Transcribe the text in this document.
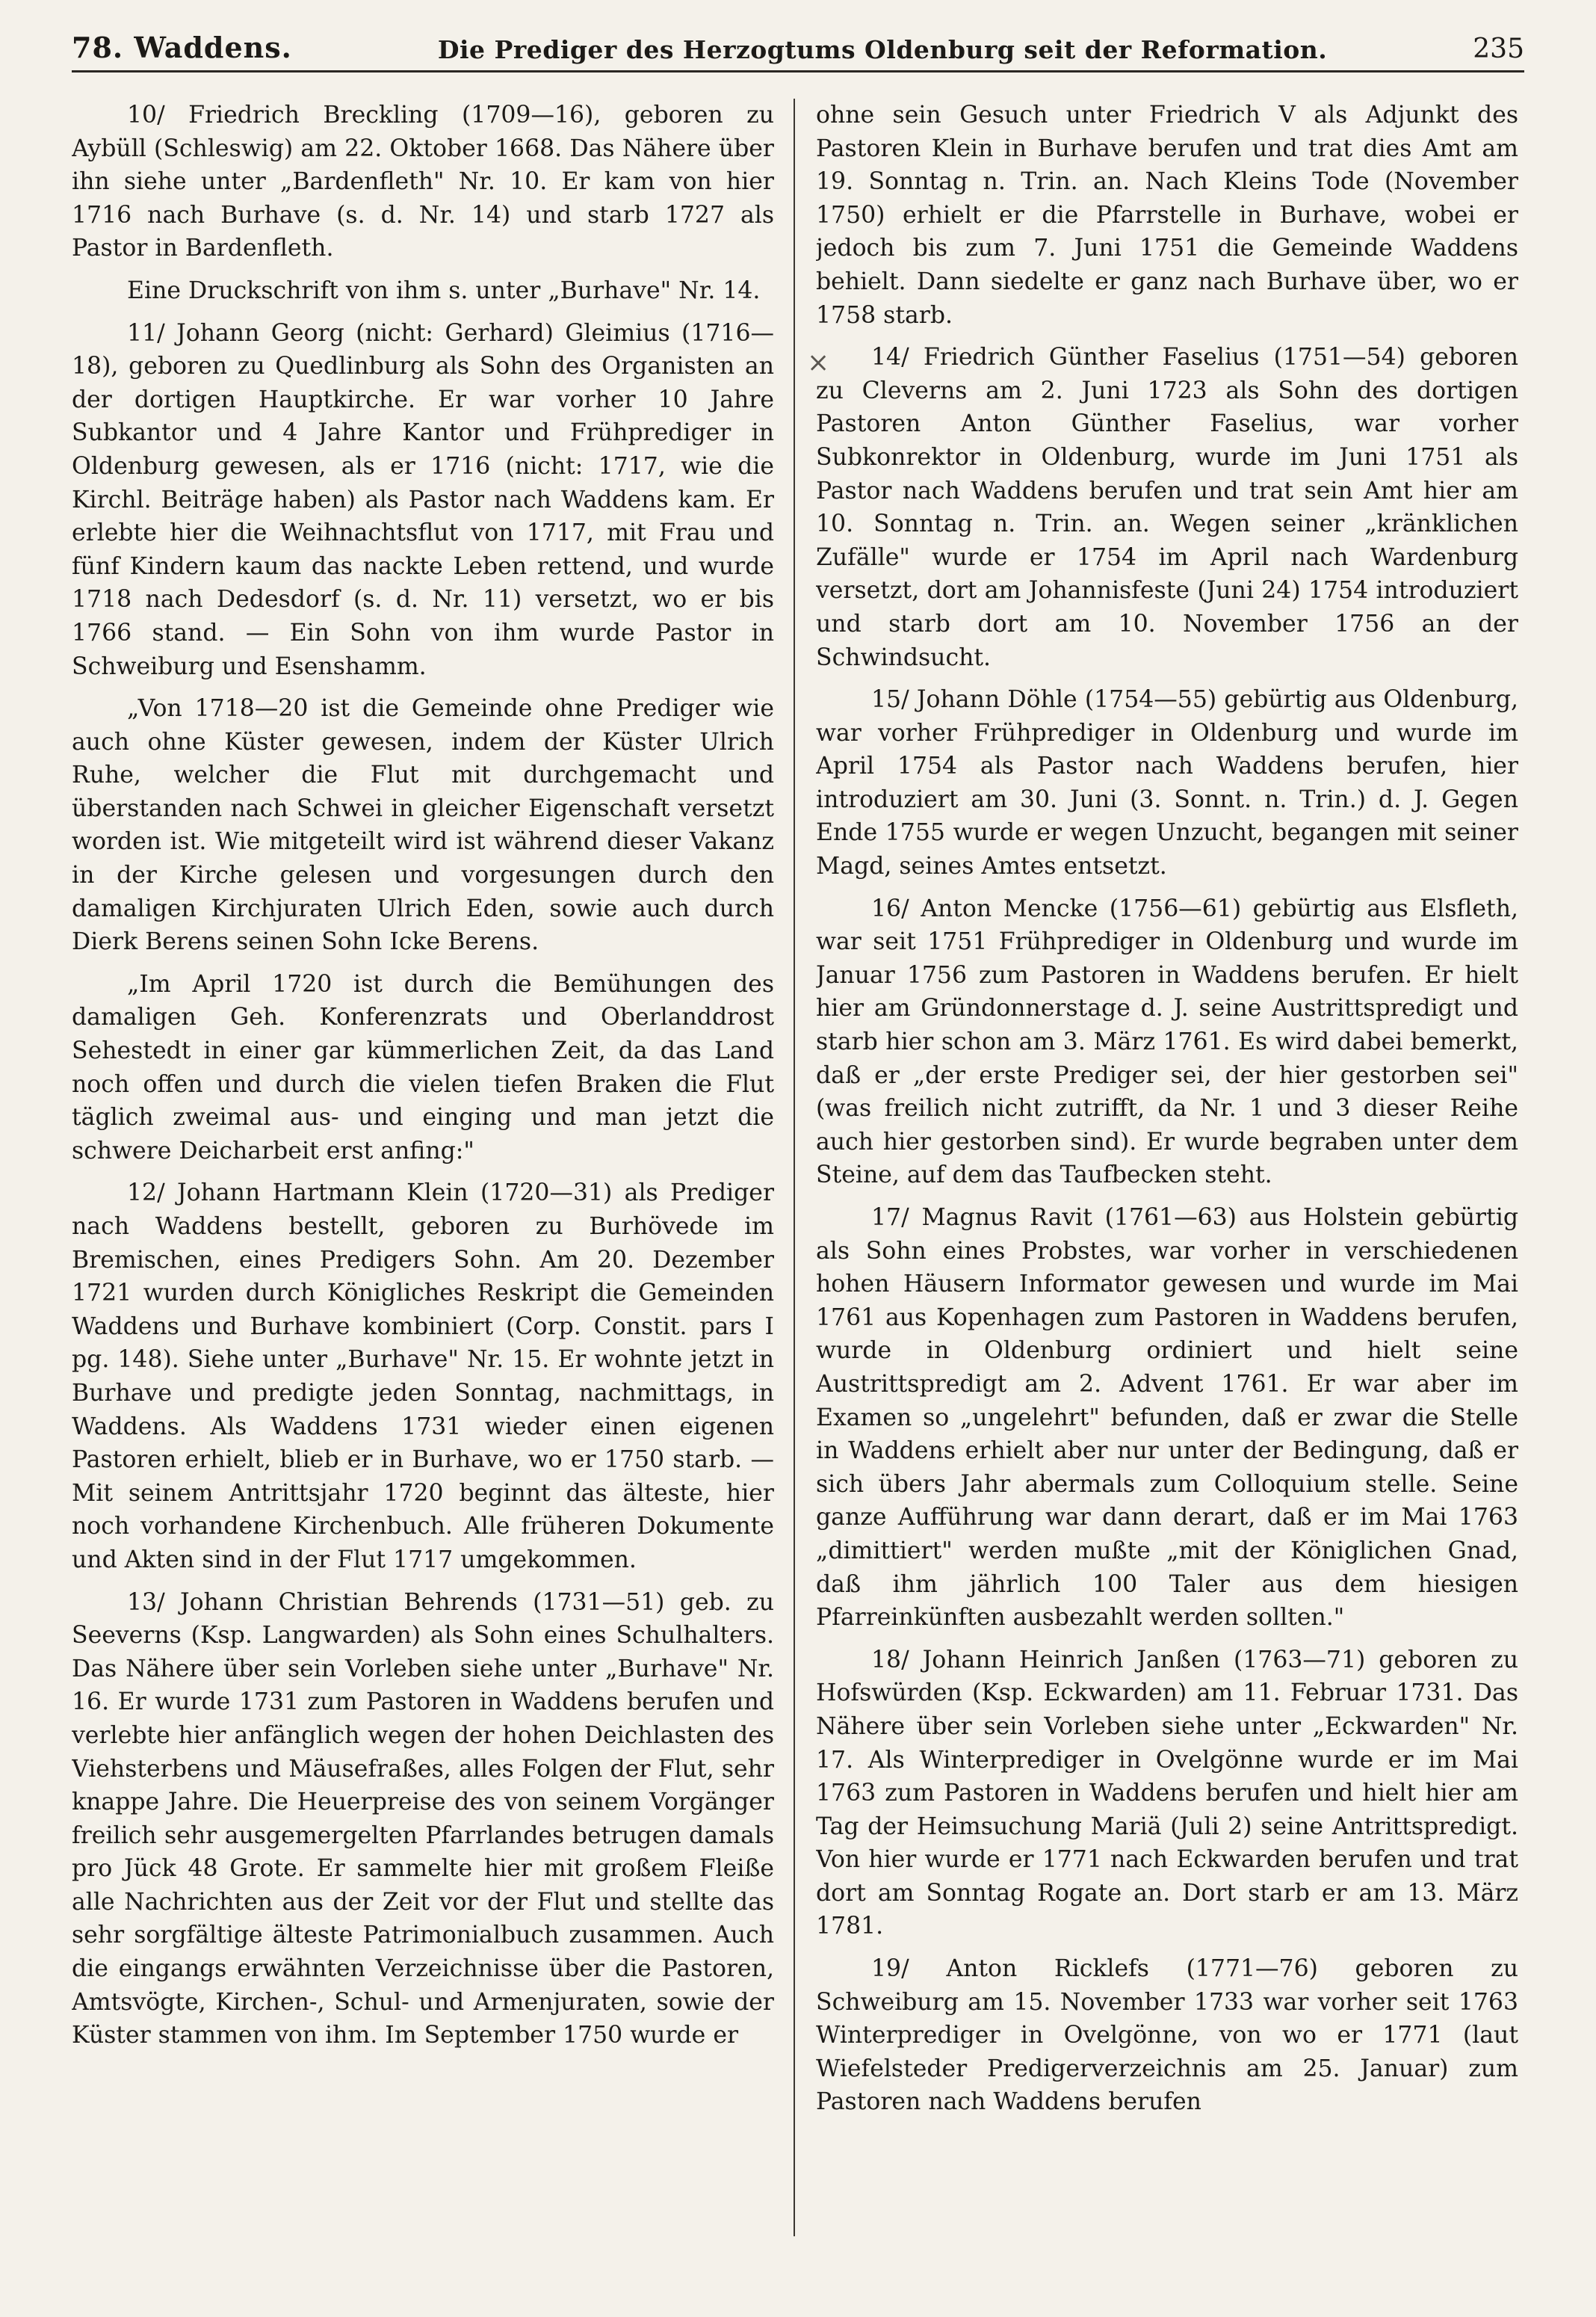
78. Waddens.	Die Prediger des Herzogtums Oldenburg seit der Reformation.	235

10/ Friedrich Breckling (1709—16), geboren zu Aybüll (Schleswig) am 22. Oktober 1668. Das Nähere über ihn siehe unter „Bardenfleth" Nr. 10. Er kam von hier 1716 nach Burhave (s. d. Nr. 14) und starb 1727 als Pastor in Bardenfleth.

Eine Druckschrift von ihm s. unter „Burhave" Nr. 14.

11/ Johann Georg (nicht: Gerhard) Gleimius (1716—18), geboren zu Quedlinburg als Sohn des Organisten an der dortigen Hauptkirche. Er war vorher 10 Jahre Subkantor und 4 Jahre Kantor und Frühprediger in Oldenburg gewesen, als er 1716 (nicht: 1717, wie die Kirchl. Beiträge haben) als Pastor nach Waddens kam. Er erlebte hier die Weihnachtsflut von 1717, mit Frau und fünf Kindern kaum das nackte Leben rettend, und wurde 1718 nach Dedesdorf (s. d. Nr. 11) versetzt, wo er bis 1766 stand. — Ein Sohn von ihm wurde Pastor in Schweiburg und Esenshamm.

„Von 1718—20 ist die Gemeinde ohne Prediger wie auch ohne Küster gewesen, indem der Küster Ulrich Ruhe, welcher die Flut mit durchgemacht und überstanden nach Schwei in gleicher Eigenschaft versetzt worden ist. Wie mitgeteilt wird ist während dieser Vakanz in der Kirche gelesen und vorgesungen durch den damaligen Kirchjuraten Ulrich Eden, sowie auch durch Dierk Berens seinen Sohn Icke Berens.

„Im April 1720 ist durch die Bemühungen des damaligen Geh. Konferenzrats und Oberlanddrost Sehestedt in einer gar kümmerlichen Zeit, da das Land noch offen und durch die vielen tiefen Braken die Flut täglich zweimal aus- und einging und man jetzt die schwere Deicharbeit erst anfing:"

12/ Johann Hartmann Klein (1720—31) als Prediger nach Waddens bestellt, geboren zu Burhövede im Bremischen, eines Predigers Sohn. Am 20. Dezember 1721 wurden durch Königliches Reskript die Gemeinden Waddens und Burhave kombiniert (Corp. Constit. pars I pg. 148). Siehe unter „Burhave" Nr. 15. Er wohnte jetzt in Burhave und predigte jeden Sonntag, nachmittags, in Waddens. Als Waddens 1731 wieder einen eigenen Pastoren erhielt, blieb er in Burhave, wo er 1750 starb. — Mit seinem Antrittsjahr 1720 beginnt das älteste, hier noch vorhandene Kirchenbuch. Alle früheren Dokumente und Akten sind in der Flut 1717 umgekommen.

13/ Johann Christian Behrends (1731—51) geb. zu Seeverns (Ksp. Langwarden) als Sohn eines Schulhalters. Das Nähere über sein Vorleben siehe unter „Burhave" Nr. 16. Er wurde 1731 zum Pastoren in Waddens berufen und verlebte hier anfänglich wegen der hohen Deichlasten des Viehsterbens und Mäusefraßes, alles Folgen der Flut, sehr knappe Jahre. Die Heuerpreise des von seinem Vorgänger freilich sehr ausgemergelten Pfarrlandes betrugen damals pro Jück 48 Grote. Er sammelte hier mit großem Fleiße alle Nachrichten aus der Zeit vor der Flut und stellte das sehr sorgfältige älteste Patrimonialbuch zusammen. Auch die eingangs erwähnten Verzeichnisse über die Pastoren, Amtsvögte, Kirchen-, Schul- und Armenjuraten, sowie der Küster stammen von ihm. Im September 1750 wurde er

×

ohne sein Gesuch unter Friedrich V als Adjunkt des Pastoren Klein in Burhave berufen und trat dies Amt am 19. Sonntag n. Trin. an. Nach Kleins Tode (November 1750) erhielt er die Pfarrstelle in Burhave, wobei er jedoch bis zum 7. Juni 1751 die Gemeinde Waddens behielt. Dann siedelte er ganz nach Burhave über, wo er 1758 starb.

14/ Friedrich Günther Faselius (1751—54) geboren zu Cleverns am 2. Juni 1723 als Sohn des dortigen Pastoren Anton Günther Faselius, war vorher Subkonrektor in Oldenburg, wurde im Juni 1751 als Pastor nach Waddens berufen und trat sein Amt hier am 10. Sonntag n. Trin. an. Wegen seiner „kränklichen Zufälle" wurde er 1754 im April nach Wardenburg versetzt, dort am Johannisfeste (Juni 24) 1754 introduziert und starb dort am 10. November 1756 an der Schwindsucht.

15/ Johann Döhle (1754—55) gebürtig aus Oldenburg, war vorher Frühprediger in Oldenburg und wurde im April 1754 als Pastor nach Waddens berufen, hier introduziert am 30. Juni (3. Sonnt. n. Trin.) d. J. Gegen Ende 1755 wurde er wegen Unzucht, begangen mit seiner Magd, seines Amtes entsetzt.

16/ Anton Mencke (1756—61) gebürtig aus Elsfleth, war seit 1751 Frühprediger in Oldenburg und wurde im Januar 1756 zum Pastoren in Waddens berufen. Er hielt hier am Gründonnerstage d. J. seine Austrittspredigt und starb hier schon am 3. März 1761. Es wird dabei bemerkt, daß er „der erste Prediger sei, der hier gestorben sei" (was freilich nicht zutrifft, da Nr. 1 und 3 dieser Reihe auch hier gestorben sind). Er wurde begraben unter dem Steine, auf dem das Taufbecken steht.

17/ Magnus Ravit (1761—63) aus Holstein gebürtig als Sohn eines Probstes, war vorher in verschiedenen hohen Häusern Informator gewesen und wurde im Mai 1761 aus Kopenhagen zum Pastoren in Waddens berufen, wurde in Oldenburg ordiniert und hielt seine Austrittspredigt am 2. Advent 1761. Er war aber im Examen so „ungelehrt" befunden, daß er zwar die Stelle in Waddens erhielt aber nur unter der Bedingung, daß er sich übers Jahr abermals zum Colloquium stelle. Seine ganze Aufführung war dann derart, daß er im Mai 1763 „dimittiert" werden mußte „mit der Königlichen Gnad, daß ihm jährlich 100 Taler aus dem hiesigen Pfarreinkünften ausbezahlt werden sollten."

18/ Johann Heinrich Janßen (1763—71) geboren zu Hofswürden (Ksp. Eckwarden) am 11. Februar 1731. Das Nähere über sein Vorleben siehe unter „Eckwarden" Nr. 17. Als Winterprediger in Ovelgönne wurde er im Mai 1763 zum Pastoren in Waddens berufen und hielt hier am Tag der Heimsuchung Mariä (Juli 2) seine Antrittspredigt. Von hier wurde er 1771 nach Eckwarden berufen und trat dort am Sonntag Rogate an. Dort starb er am 13. März 1781.

19/ Anton Ricklefs (1771—76) geboren zu Schweiburg am 15. November 1733 war vorher seit 1763 Winterprediger in Ovelgönne, von wo er 1771 (laut Wiefelsteder Predigerverzeichnis am 25. Januar) zum Pastoren nach Waddens berufen
